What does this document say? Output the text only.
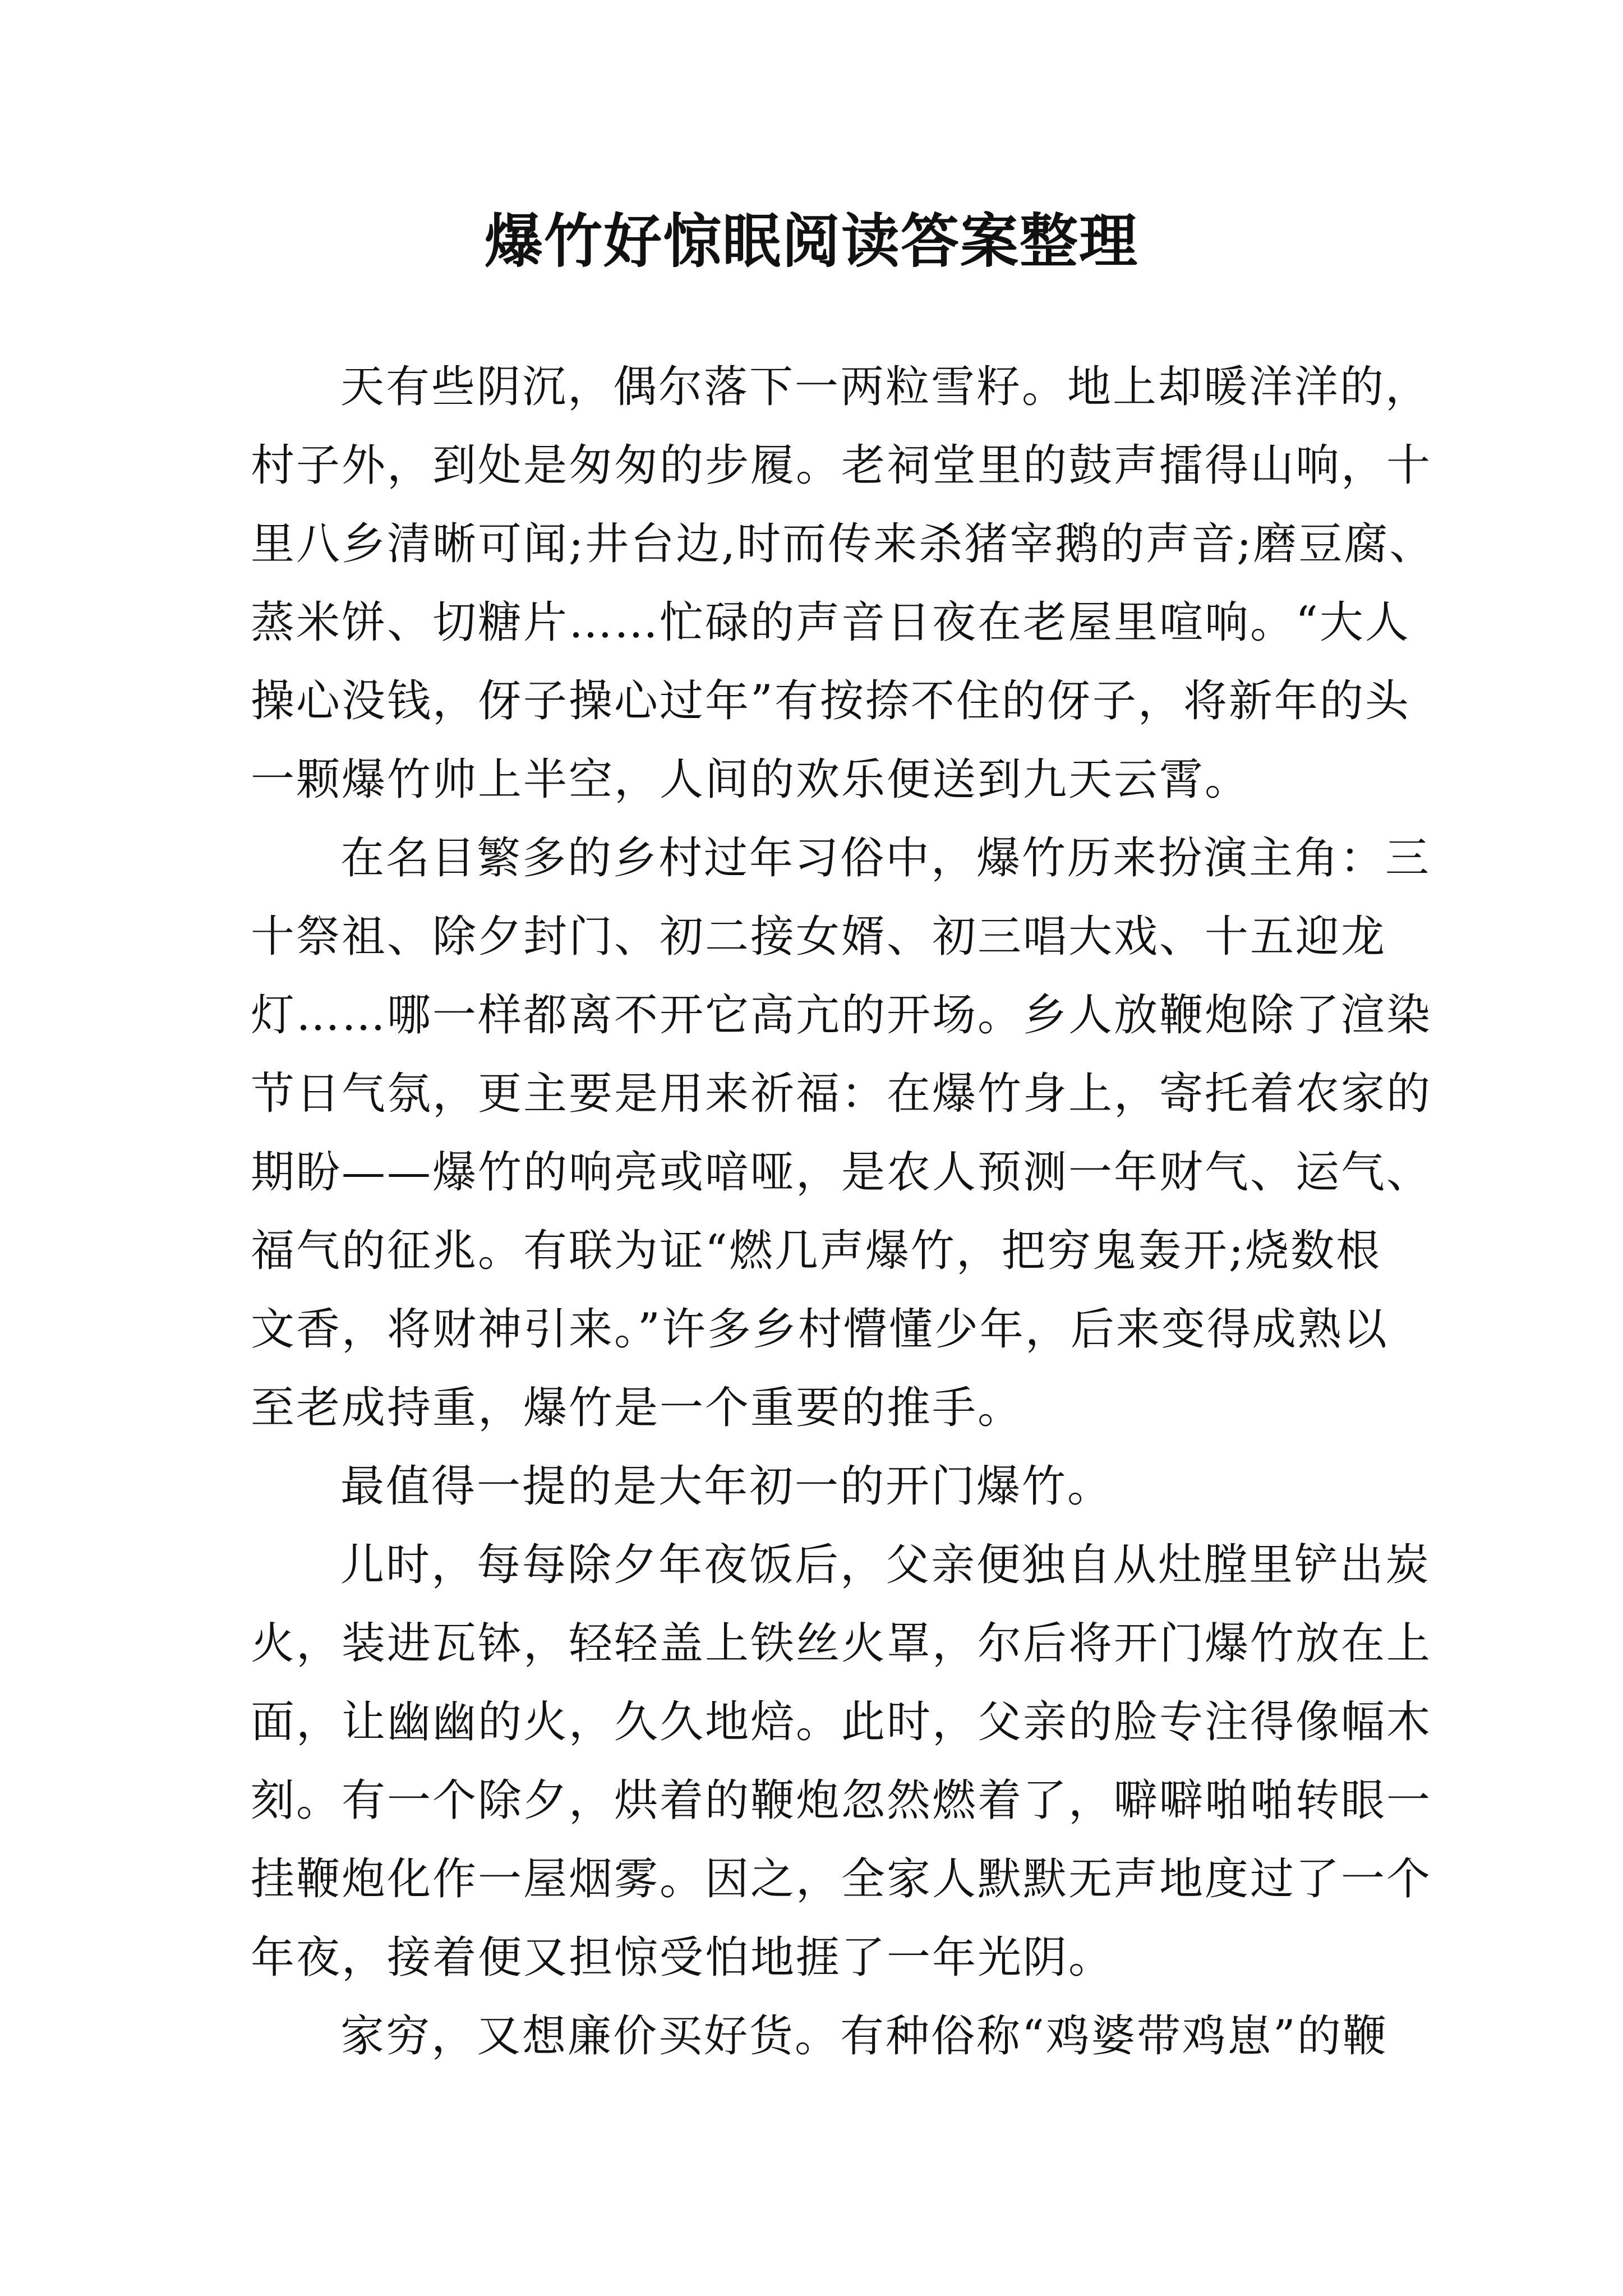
爆竹好惊眠阅读答案整理
天有些阴沉，偶尔落下一两粒雪籽。地上却暖洋洋的，
村子外，到处是匆匆的步履。老祠堂里的鼓声擂得山响，十
里八乡清晰可闻;井台边,时而传来杀猪宰鹅的声音;磨豆腐、
蒸米饼、切糖片……忙碌的声音日夜在老屋里喧响。“大人
操心没钱，伢子操心过年”有按捺不住的伢子，将新年的头
一颗爆竹帅上半空，人间的欢乐便送到九天云霄。
在名目繁多的乡村过年习俗中，爆竹历来扮演主角：三
十祭祖、除夕封门、初二接女婿、初三唱大戏、十五迎龙
灯……哪一样都离不开它高亢的开场。乡人放鞭炮除了渲染
节日气氛，更主要是用来祈福：在爆竹身上，寄托着农家的
期盼——爆竹的响亮或喑哑，是农人预测一年财气、运气、
福气的征兆。有联为证“燃几声爆竹，把穷鬼轰开;烧数根
文香，将财神引来。”许多乡村懵懂少年，后来变得成熟以
至老成持重，爆竹是一个重要的推手。
最值得一提的是大年初一的开门爆竹。
儿时，每每除夕年夜饭后，父亲便独自从灶膛里铲出炭
火，装进瓦钵，轻轻盖上铁丝火罩，尔后将开门爆竹放在上
面，让幽幽的火，久久地焙。此时，父亲的脸专注得像幅木
刻。有一个除夕，烘着的鞭炮忽然燃着了，噼噼啪啪转眼一
挂鞭炮化作一屋烟雾。因之，全家人默默无声地度过了一个
年夜，接着便又担惊受怕地捱了一年光阴。
家穷，又想廉价买好货。有种俗称“鸡婆带鸡崽”的鞭
